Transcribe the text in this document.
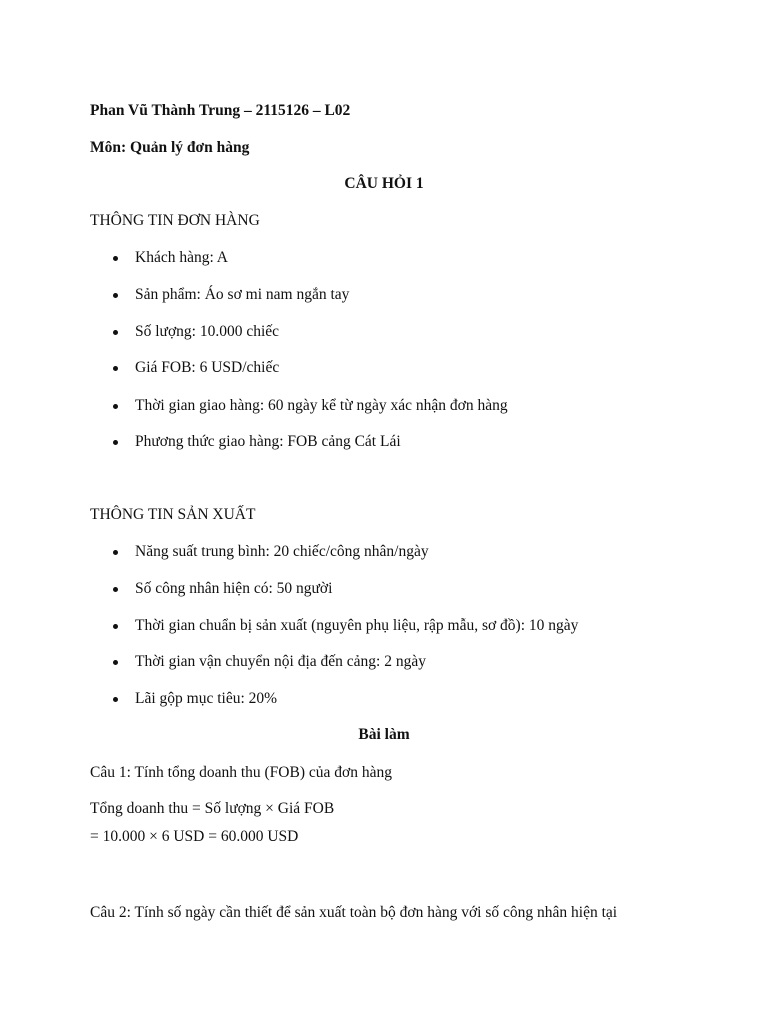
Phan Vũ Thành Trung – 2115126 – L02
Môn: Quản lý đơn hàng
CÂU HỎI 1
THÔNG TIN ĐƠN HÀNG
Khách hàng: A
Sản phẩm: Áo sơ mi nam ngắn tay
Số lượng: 10.000 chiếc
Giá FOB: 6 USD/chiếc
Thời gian giao hàng: 60 ngày kể từ ngày xác nhận đơn hàng
Phương thức giao hàng: FOB cảng Cát Lái
THÔNG TIN SẢN XUẤT
Năng suất trung bình: 20 chiếc/công nhân/ngày
Số công nhân hiện có: 50 người
Thời gian chuẩn bị sản xuất (nguyên phụ liệu, rập mẫu, sơ đồ): 10 ngày
Thời gian vận chuyển nội địa đến cảng: 2 ngày
Lãi gộp mục tiêu: 20%
Bài làm
Câu 1: Tính tổng doanh thu (FOB) của đơn hàng
Tổng doanh thu = Số lượng × Giá FOB
= 10.000 × 6 USD = 60.000 USD
Câu 2: Tính số ngày cần thiết để sản xuất toàn bộ đơn hàng với số công nhân hiện tại
